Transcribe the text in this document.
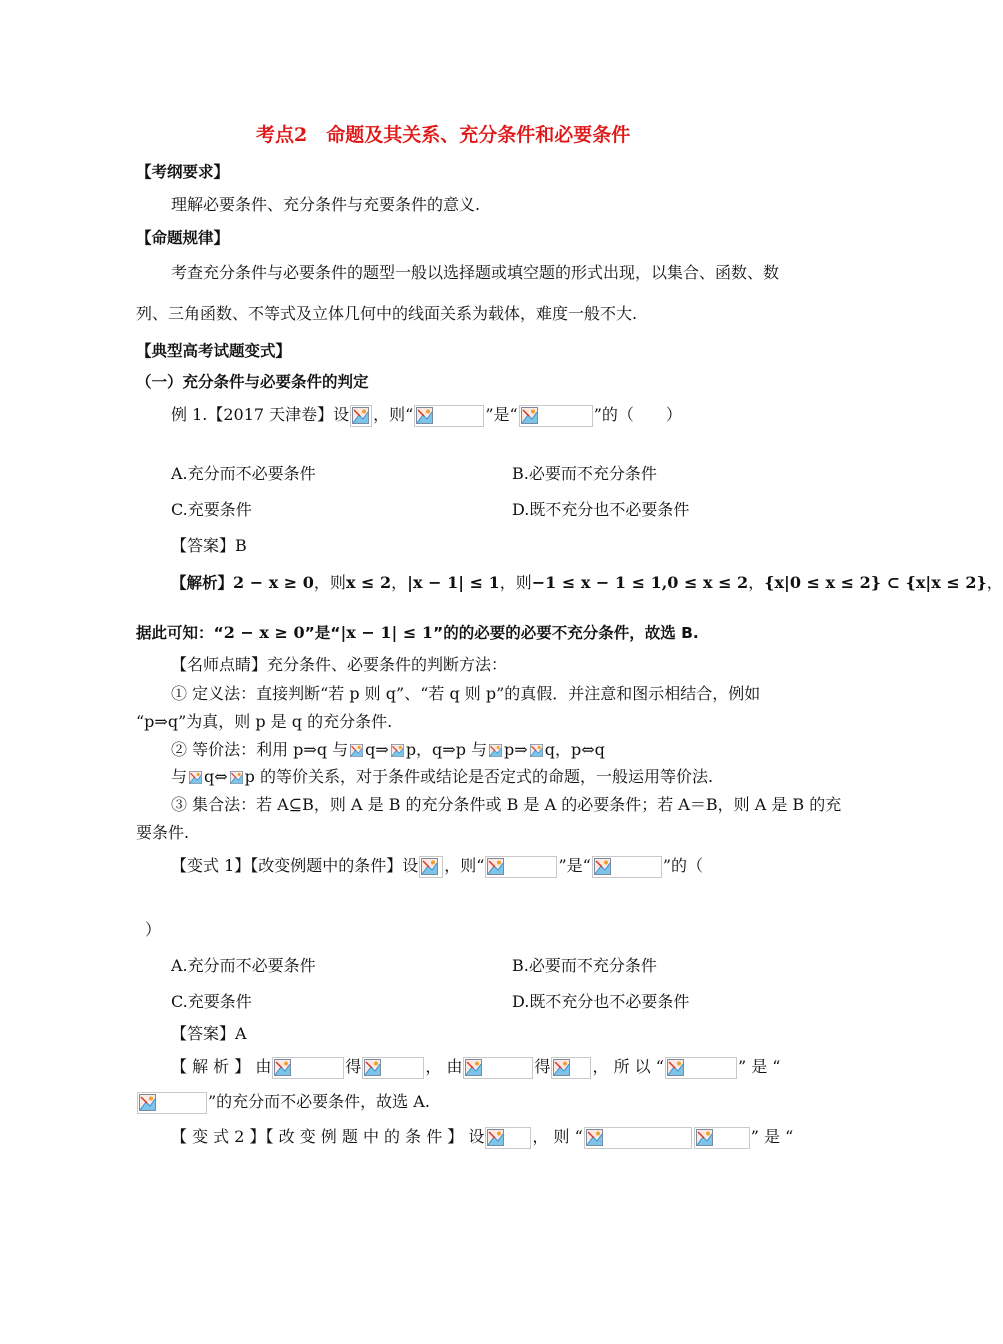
考点2　命题及其关系、充分条件和必要条件
【考纲要求】
理解必要条件、充分条件与充要条件的意义.
【命题规律】
考查充分条件与必要条件的题型一般以选择题或填空题的形式出现，以集合、函数、数
列、三角函数、不等式及立体几何中的线面关系为载体，难度一般不大.
【典型高考试题变式】
（一）充分条件与必要条件的判定
例 1.【2017 天津卷】设 ，则“	”是“	”的（　　）
A.充分而不必要条件	B.必要而不充分条件
C.充要条件	D.既不充分也不必要条件
【答案】B
【解析】2 − x ≥ 0，则x ≤ 2，|x − 1| ≤ 1，则−1 ≤ x − 1 ≤ 1,0 ≤ x ≤ 2，{x|0 ≤ x ≤ 2} ⊂ {x|x ≤ 2}，
据此可知：“2 − x ≥ 0”是“|x − 1| ≤ 1”的的必要的必要不充分条件，故选 B.
【名师点睛】充分条件、必要条件的判断方法：
① 定义法：直接判断“若 p 则 q”、“若 q 则 p”的真假．并注意和图示相结合，例如
“p⇒q”为真，则 p 是 q 的充分条件.
② 等价法：利用 p⇒q 与 q⇒ p，q⇒p 与 p⇒ q，p⇔q
与 q⇔ p 的等价关系，对于条件或结论是否定式的命题，一般运用等价法.
③ 集合法：若 A⊆B，则 A 是 B 的充分条件或 B 是 A 的必要条件；若 A＝B，则 A 是 B 的充
要条件.
【变式 1】【改变例题中的条件】设 ，则“	”是“	”的（
）
A.充分而不必要条件	B.必要而不充分条件
C.充要条件	D.既不充分也不必要条件
【答案】A
【 解 析 】 由	得	， 由	得	， 所 以 “	” 是 “
”的充分而不必要条件，故选 A.
【 变 式 2 】【 改 变 例 题 中 的 条 件 】 设	， 则 “	” 是 “
